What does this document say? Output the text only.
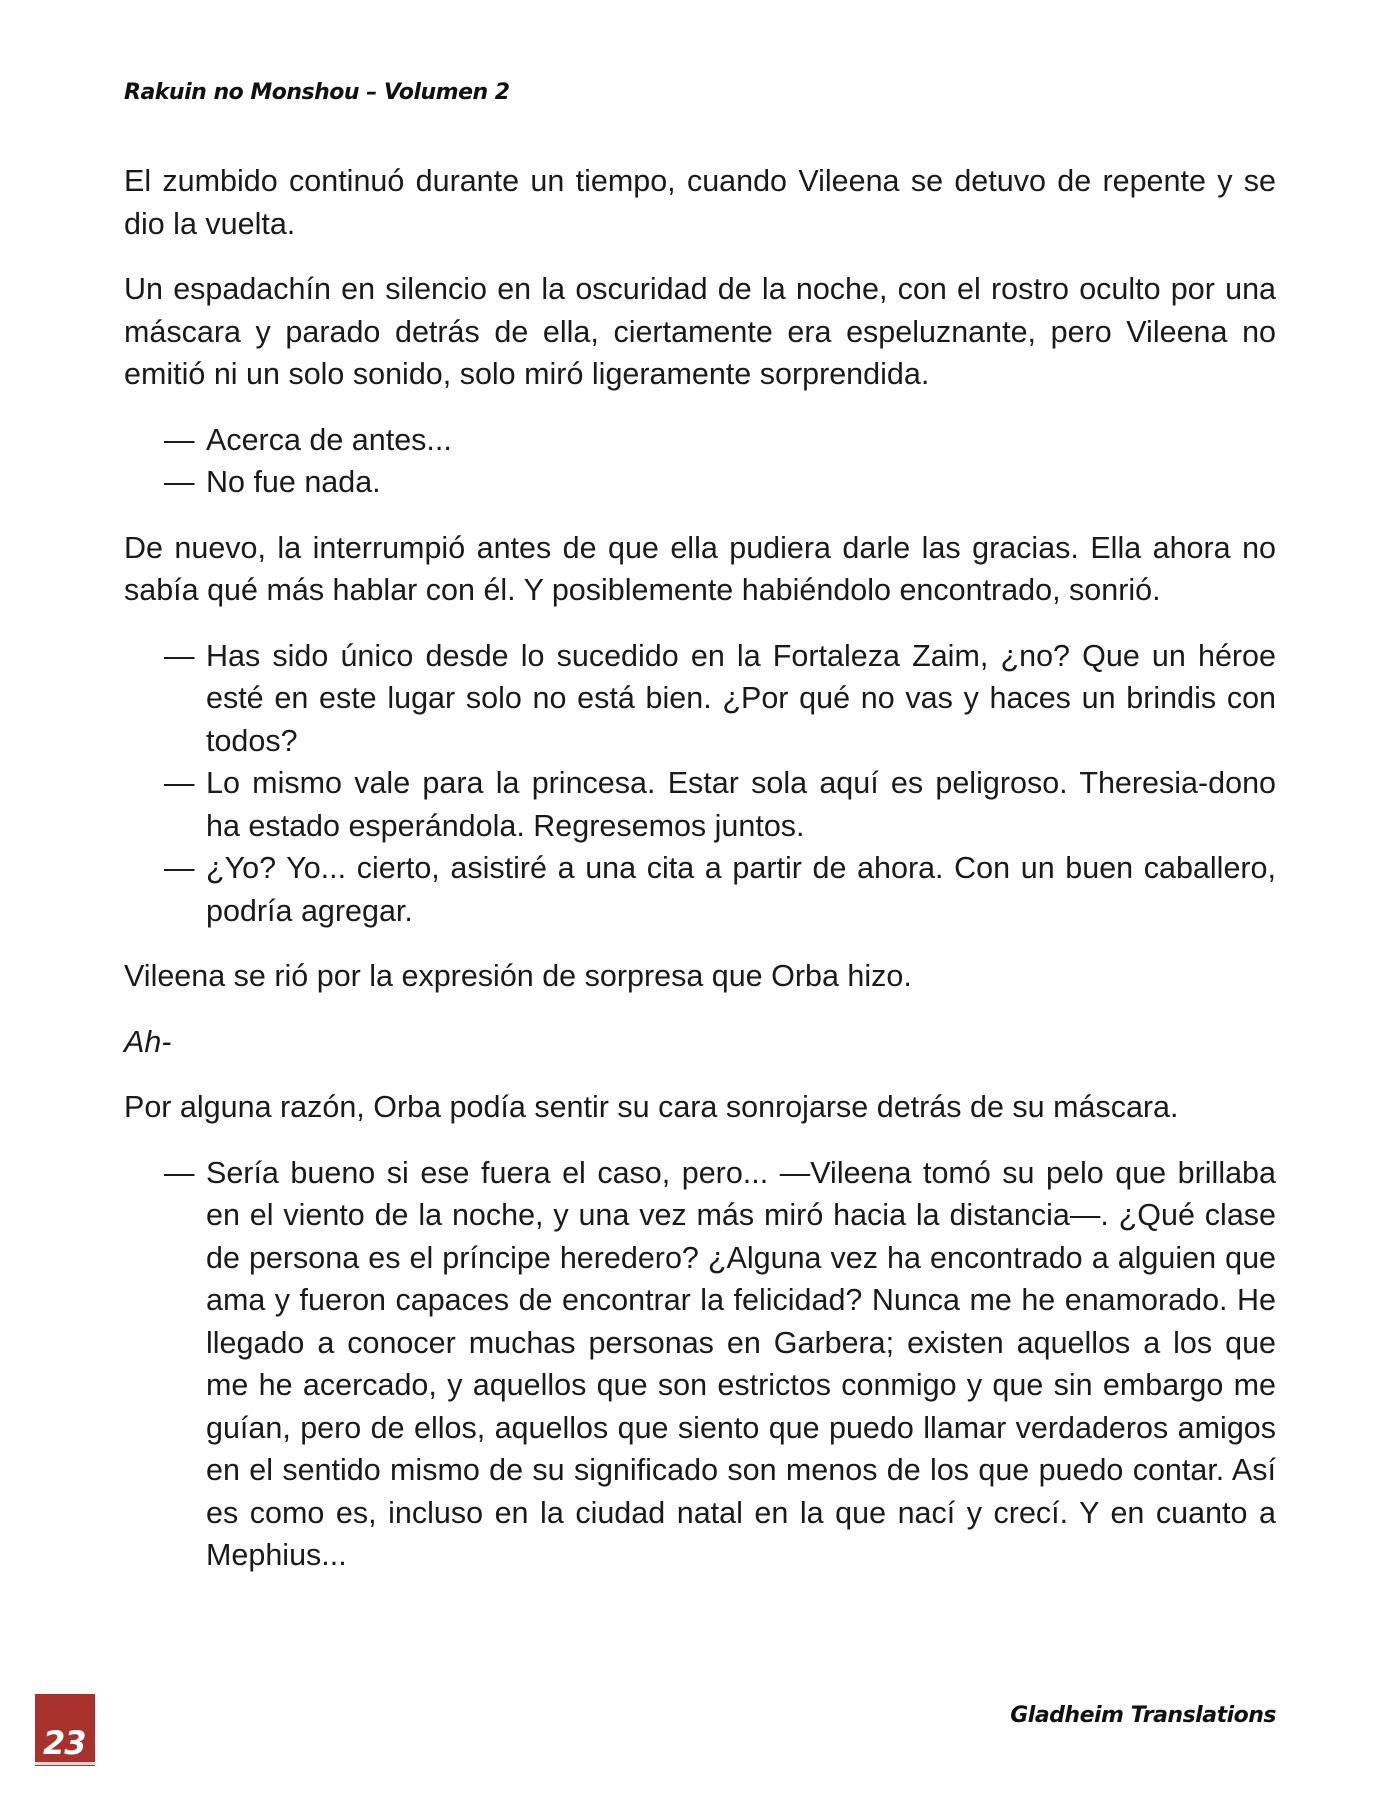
Rakuin no Monshou – Volumen 2

El zumbido continuó durante un tiempo, cuando Vileena se detuvo de repente y se dio la vuelta.

Un espadachín en silencio en la oscuridad de la noche, con el rostro oculto por una máscara y parado detrás de ella, ciertamente era espeluznante, pero Vileena no emitió ni un solo sonido, solo miró ligeramente sorprendida.

— Acerca de antes...
— No fue nada.

De nuevo, la interrumpió antes de que ella pudiera darle las gracias. Ella ahora no sabía qué más hablar con él. Y posiblemente habiéndolo encontrado, sonrió.

— Has sido único desde lo sucedido en la Fortaleza Zaim, ¿no? Que un héroe esté en este lugar solo no está bien. ¿Por qué no vas y haces un brindis con todos?
— Lo mismo vale para la princesa. Estar sola aquí es peligroso. Theresia-dono ha estado esperándola. Regresemos juntos.
— ¿Yo? Yo... cierto, asistiré a una cita a partir de ahora. Con un buen caballero, podría agregar.

Vileena se rió por la expresión de sorpresa que Orba hizo.

Ah-

Por alguna razón, Orba podía sentir su cara sonrojarse detrás de su máscara.

— Sería bueno si ese fuera el caso, pero... —Vileena tomó su pelo que brillaba en el viento de la noche, y una vez más miró hacia la distancia—. ¿Qué clase de persona es el príncipe heredero? ¿Alguna vez ha encontrado a alguien que ama y fueron capaces de encontrar la felicidad? Nunca me he enamorado. He llegado a conocer muchas personas en Garbera; existen aquellos a los que me he acercado, y aquellos que son estrictos conmigo y que sin embargo me guían, pero de ellos, aquellos que siento que puedo llamar verdaderos amigos en el sentido mismo de su significado son menos de los que puedo contar. Así es como es, incluso en la ciudad natal en la que nací y crecí. Y en cuanto a Mephius...
23
Gladheim Translations
